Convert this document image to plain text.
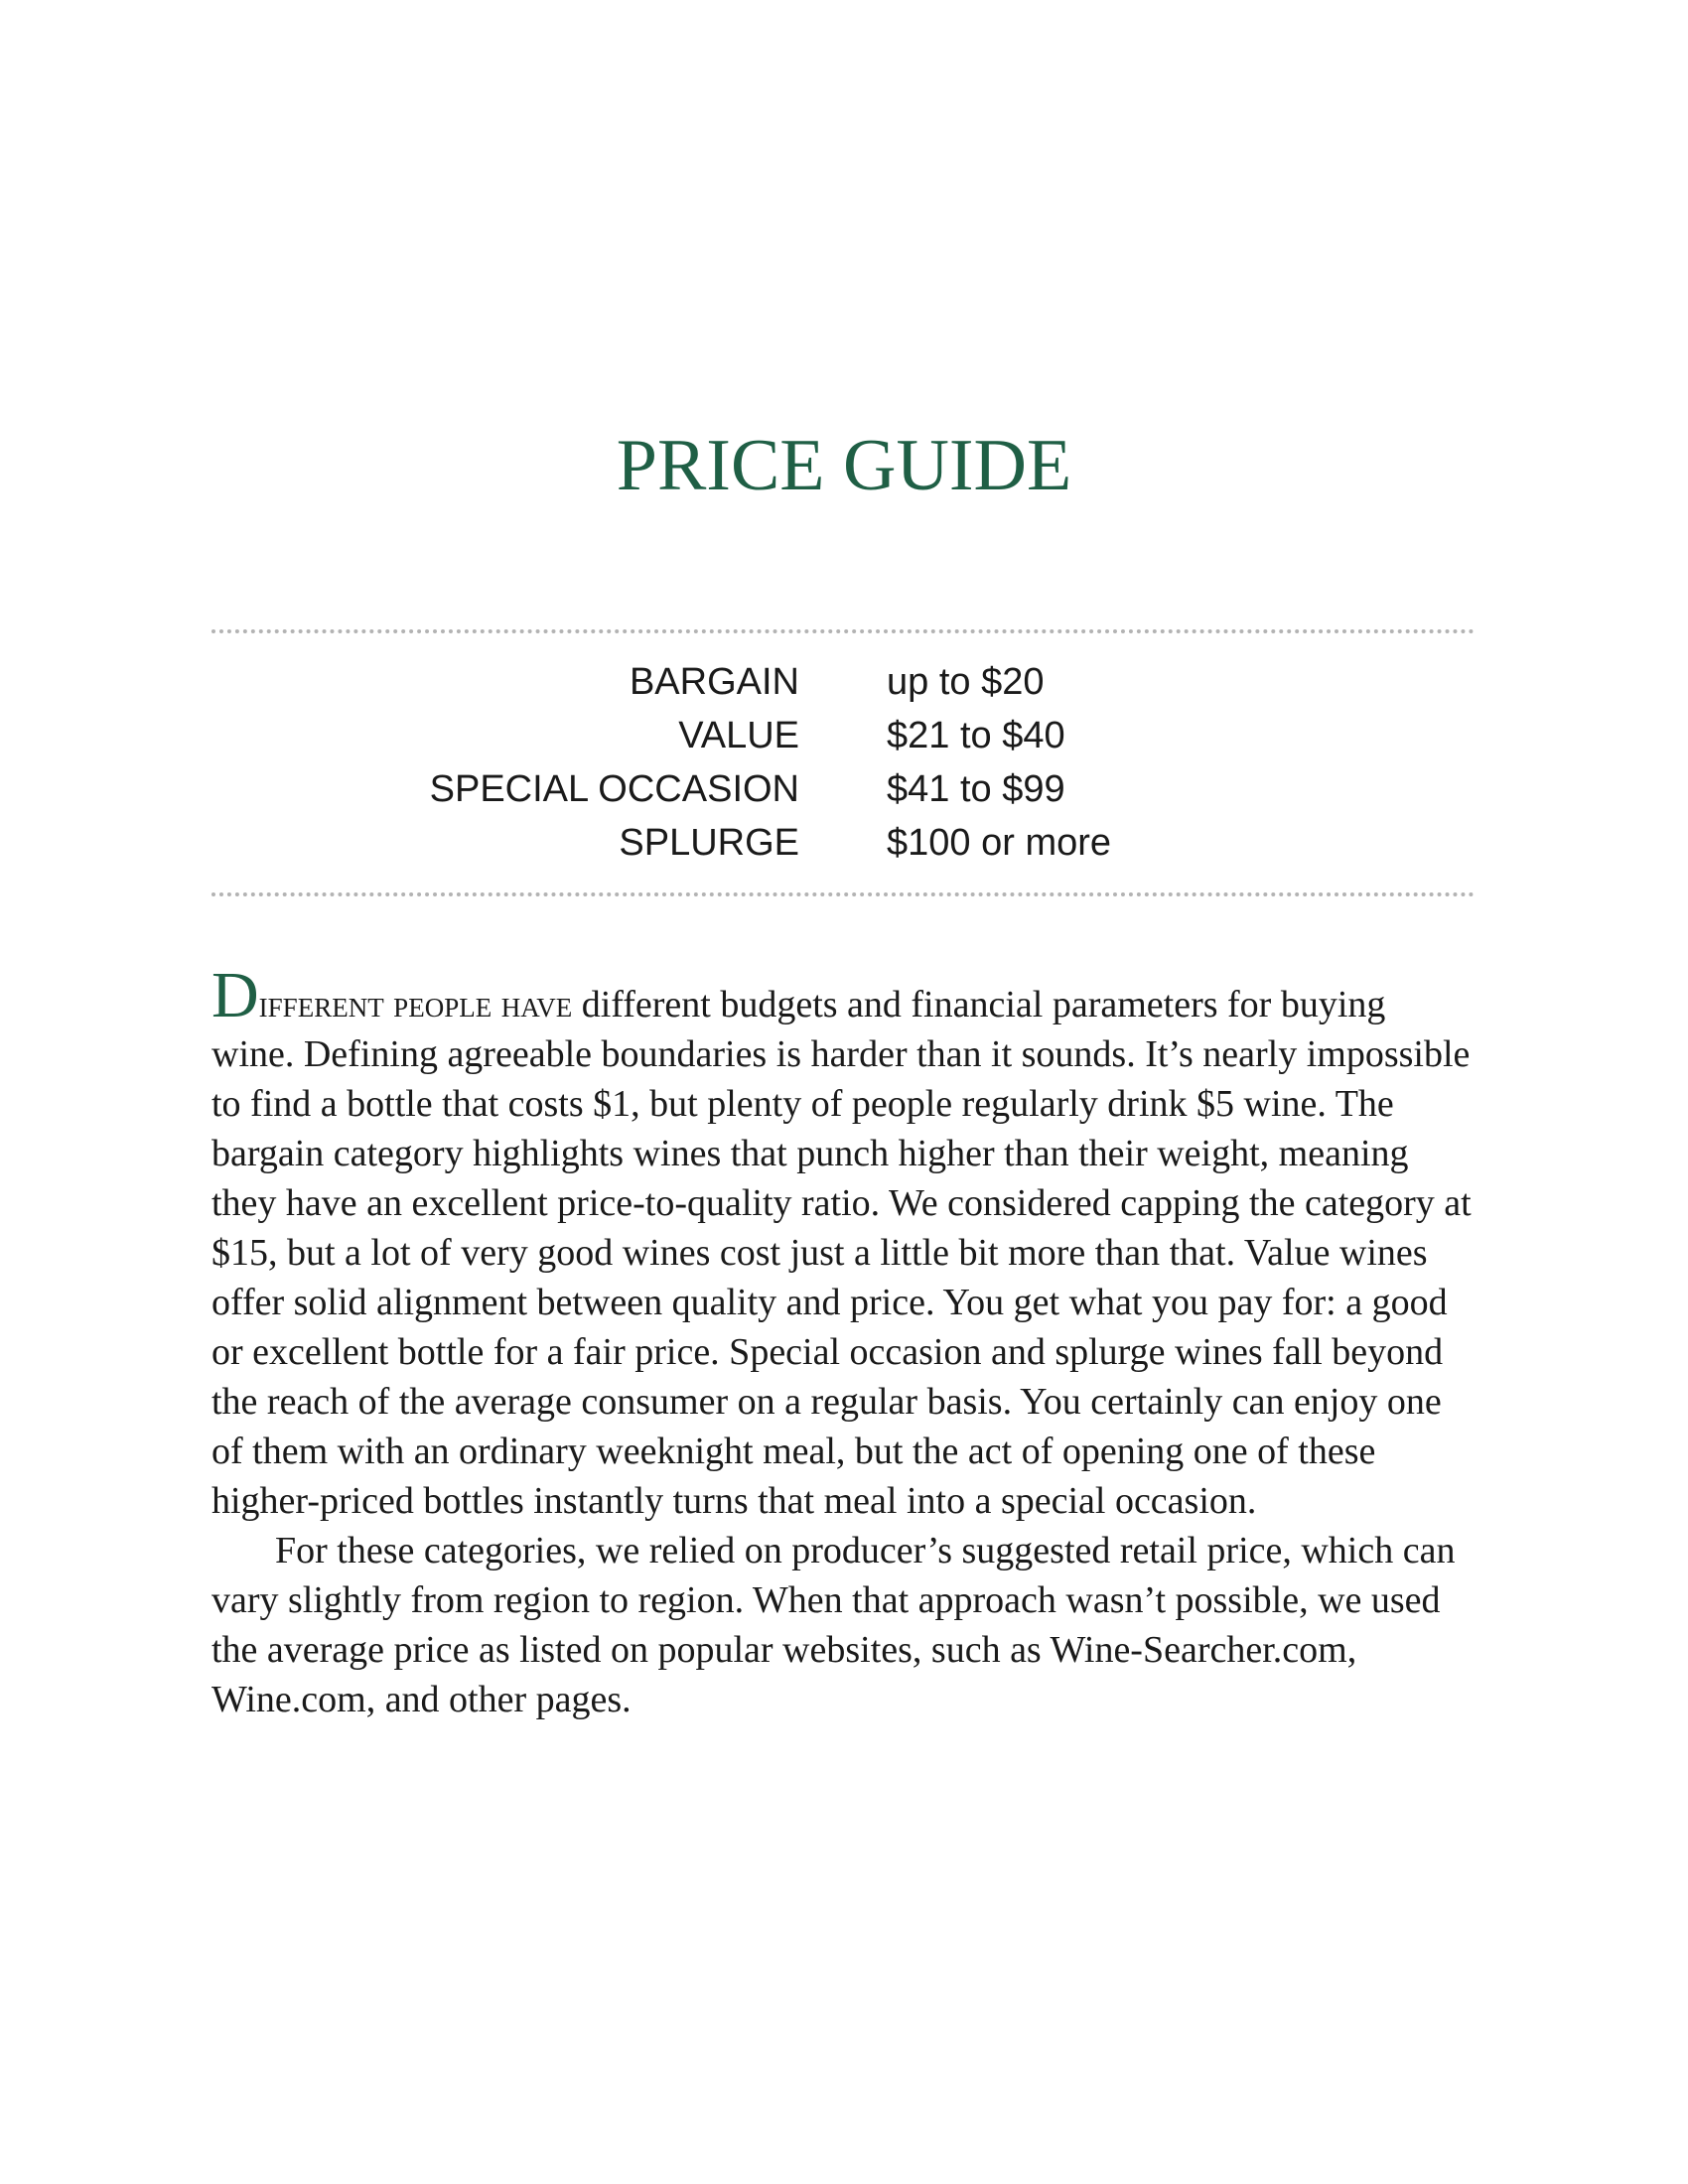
PRICE GUIDE
BARGAIN up to $20
VALUE $21 to $40
SPECIAL OCCASION $41 to $99
SPLURGE $100 or more

Different people have different budgets and financial parameters for buying wine. Defining agreeable boundaries is harder than it sounds. It’s nearly impossible to find a bottle that costs $1, but plenty of people regularly drink $5 wine. The bargain category highlights wines that punch higher than their weight, meaning they have an excellent price-to-quality ratio. We considered capping the category at $15, but a lot of very good wines cost just a little bit more than that. Value wines offer solid alignment between quality and price. You get what you pay for: a good or excellent bottle for a fair price. Special occasion and splurge wines fall beyond the reach of the average consumer on a regular basis. You certainly can enjoy one of them with an ordinary weeknight meal, but the act of opening one of these higher-priced bottles instantly turns that meal into a special occasion.

For these categories, we relied on producer’s suggested retail price, which can vary slightly from region to region. When that approach wasn’t possible, we used the average price as listed on popular websites, such as Wine-Searcher.com, Wine.com, and other pages.
